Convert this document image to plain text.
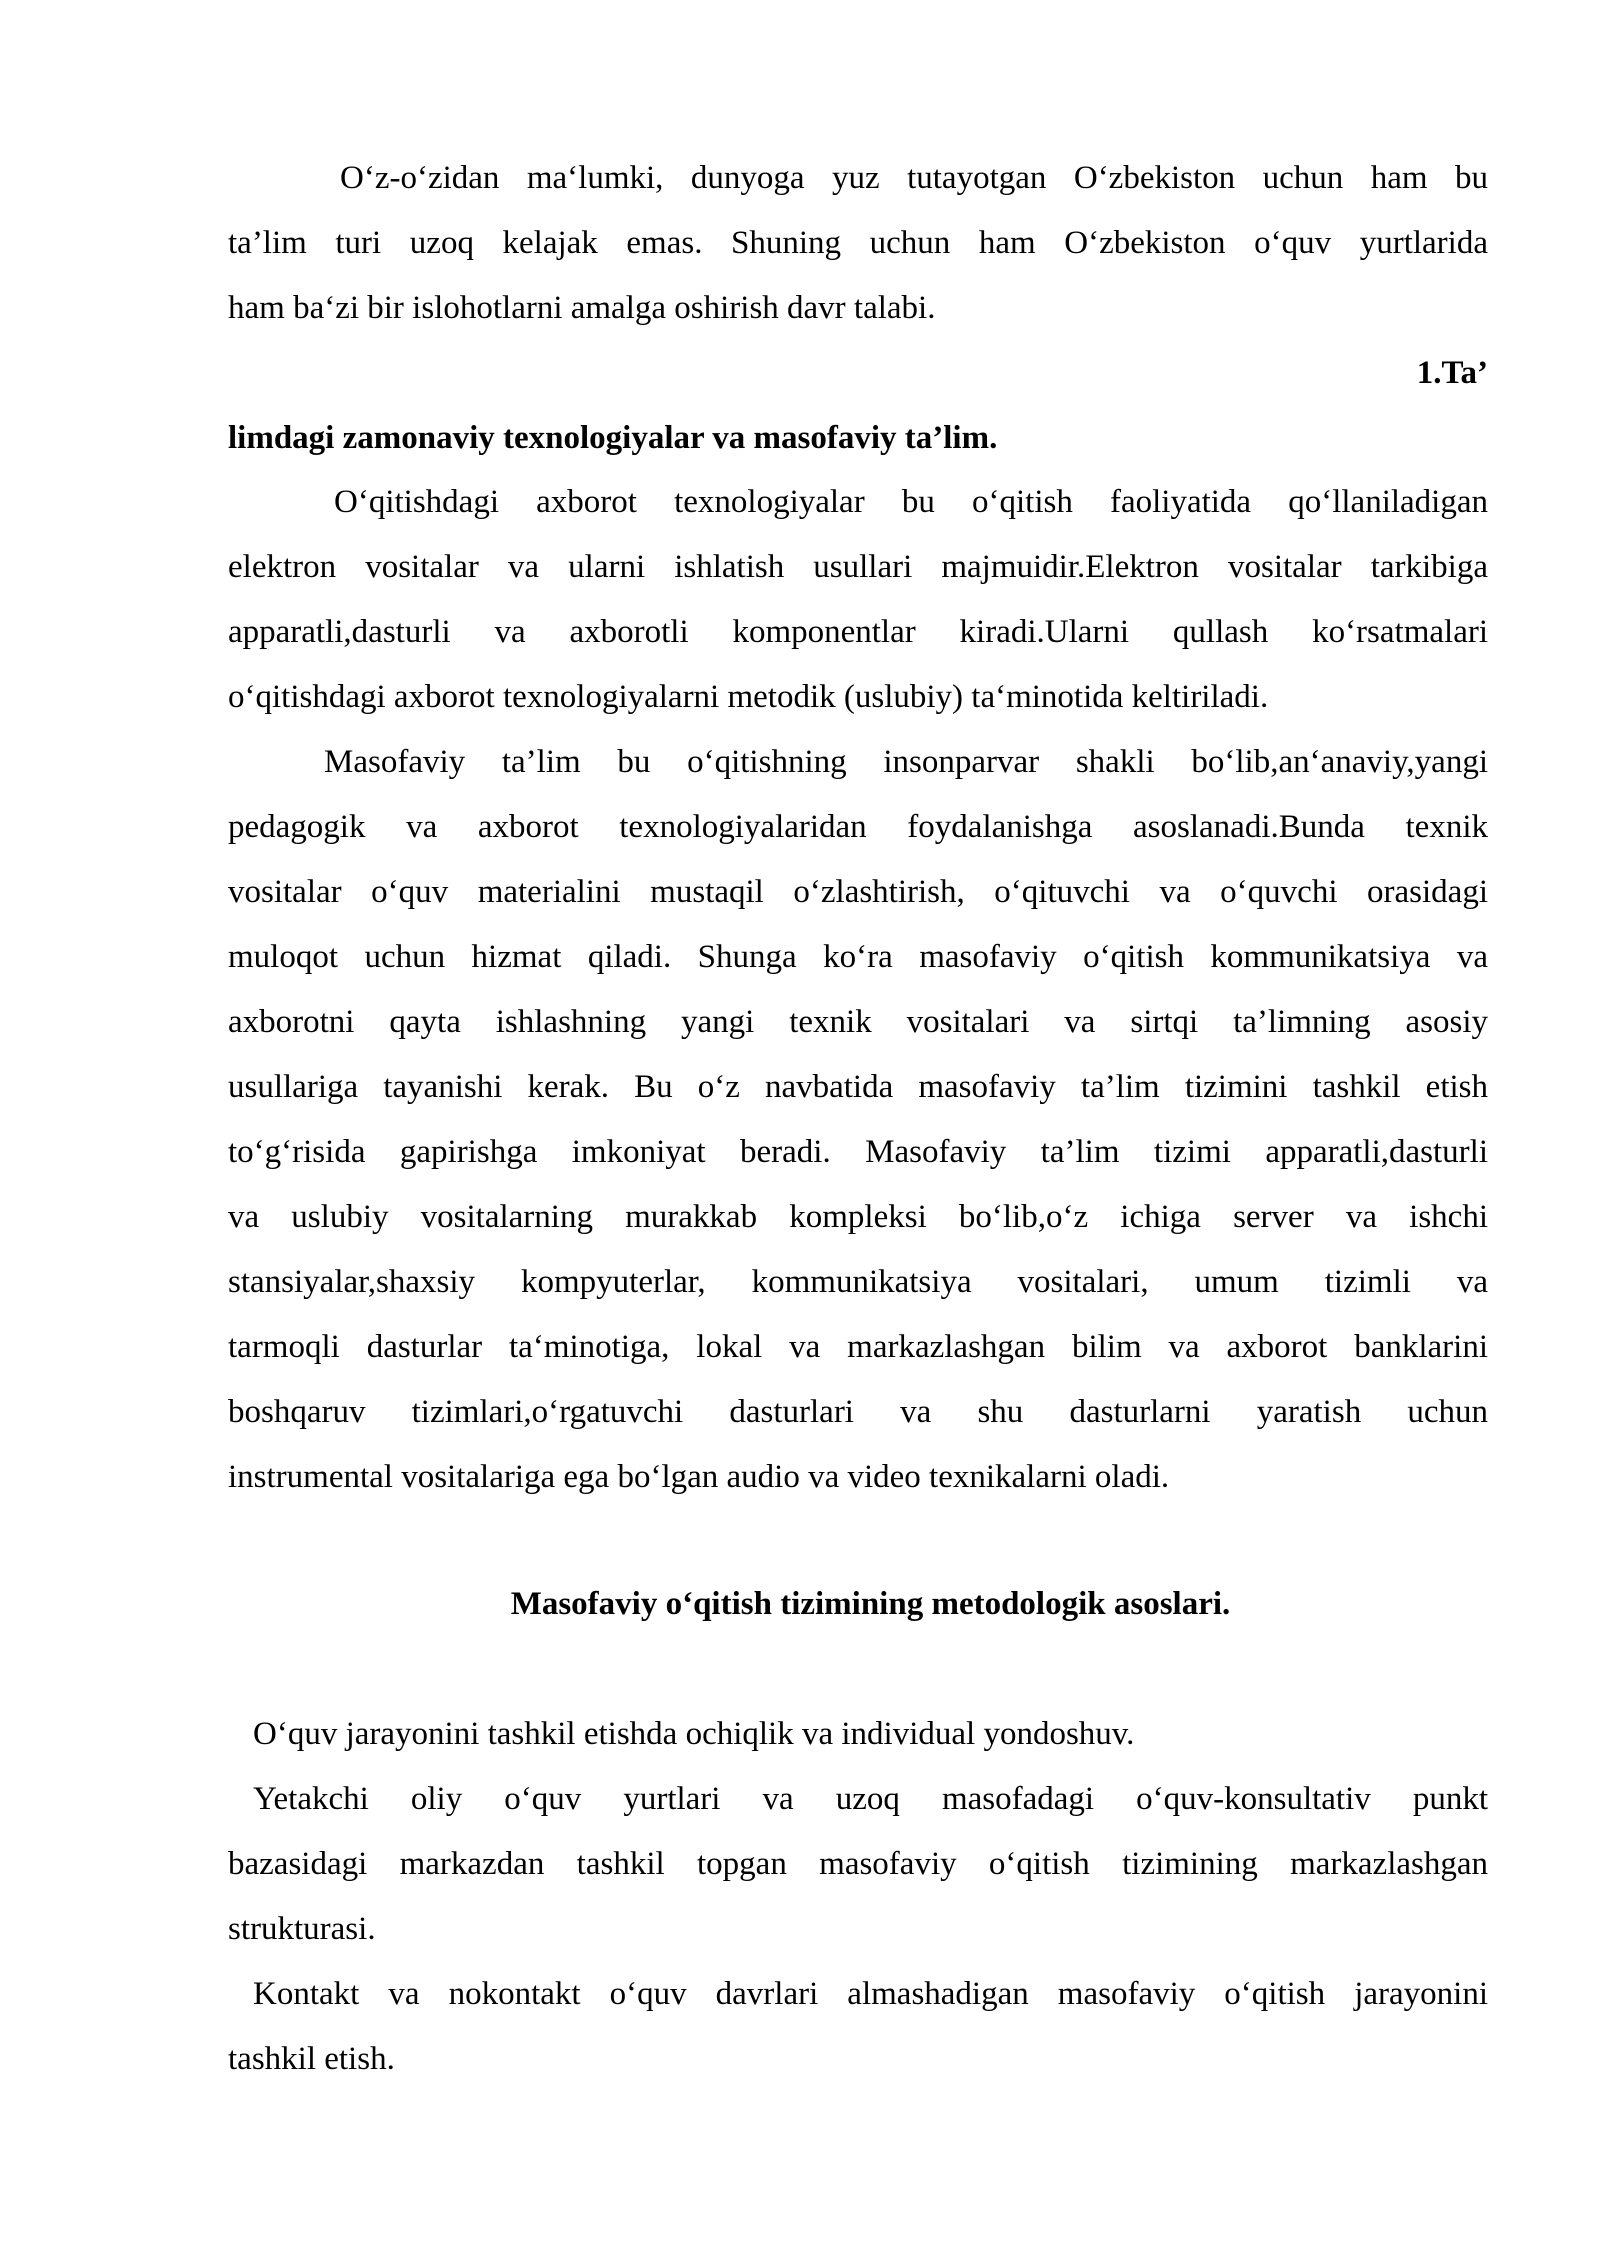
O‘z-o‘zidan ma‘lumki, dunyoga yuz tutayotgan O‘zbekiston uchun ham bu
ta’lim turi uzoq kelajak emas. Shuning uchun ham O‘zbekiston o‘quv yurtlarida
ham ba‘zi bir islohotlarni amalga oshirish davr talabi.
1.Ta’
limdagi zamonaviy texnologiyalar va masofaviy ta’lim.
O‘qitishdagi axborot texnologiyalar bu o‘qitish faoliyatida qo‘llaniladigan
elektron vositalar va ularni ishlatish usullari majmuidir.Elektron vositalar tarkibiga
apparatli,dasturli va axborotli komponentlar kiradi.Ularni qullash ko‘rsatmalari
o‘qitishdagi axborot texnologiyalarni metodik (uslubiy) ta‘minotida keltiriladi.
Masofaviy ta’lim bu o‘qitishning insonparvar shakli bo‘lib,an‘anaviy,yangi
pedagogik va axborot texnologiyalaridan foydalanishga asoslanadi.Bunda texnik
vositalar o‘quv materialini mustaqil o‘zlashtirish, o‘qituvchi va o‘quvchi orasidagi
muloqot uchun hizmat qiladi. Shunga ko‘ra masofaviy o‘qitish kommunikatsiya va
axborotni qayta ishlashning yangi texnik vositalari va sirtqi ta’limning asosiy
usullariga tayanishi kerak. Bu o‘z navbatida masofaviy ta’lim tizimini tashkil etish
to‘g‘risida gapirishga imkoniyat beradi. Masofaviy ta’lim tizimi apparatli,dasturli
va uslubiy vositalarning murakkab kompleksi bo‘lib,o‘z ichiga server va ishchi
stansiyalar,shaxsiy kompyuterlar, kommunikatsiya vositalari, umum tizimli va
tarmoqli dasturlar ta‘minotiga, lokal va markazlashgan bilim va axborot banklarini
boshqaruv tizimlari,o‘rgatuvchi dasturlari va shu dasturlarni yaratish uchun
instrumental vositalariga ega bo‘lgan audio va video texnikalarni oladi.
Masofaviy o‘qitish tizimining metodologik asoslari.
O‘quv jarayonini tashkil etishda ochiqlik va individual yondoshuv.
Yetakchi oliy o‘quv yurtlari va uzoq masofadagi o‘quv-konsultativ punkt
bazasidagi markazdan tashkil topgan masofaviy o‘qitish tizimining markazlashgan
strukturasi.
Kontakt va nokontakt o‘quv davrlari almashadigan masofaviy o‘qitish jarayonini
tashkil etish.
